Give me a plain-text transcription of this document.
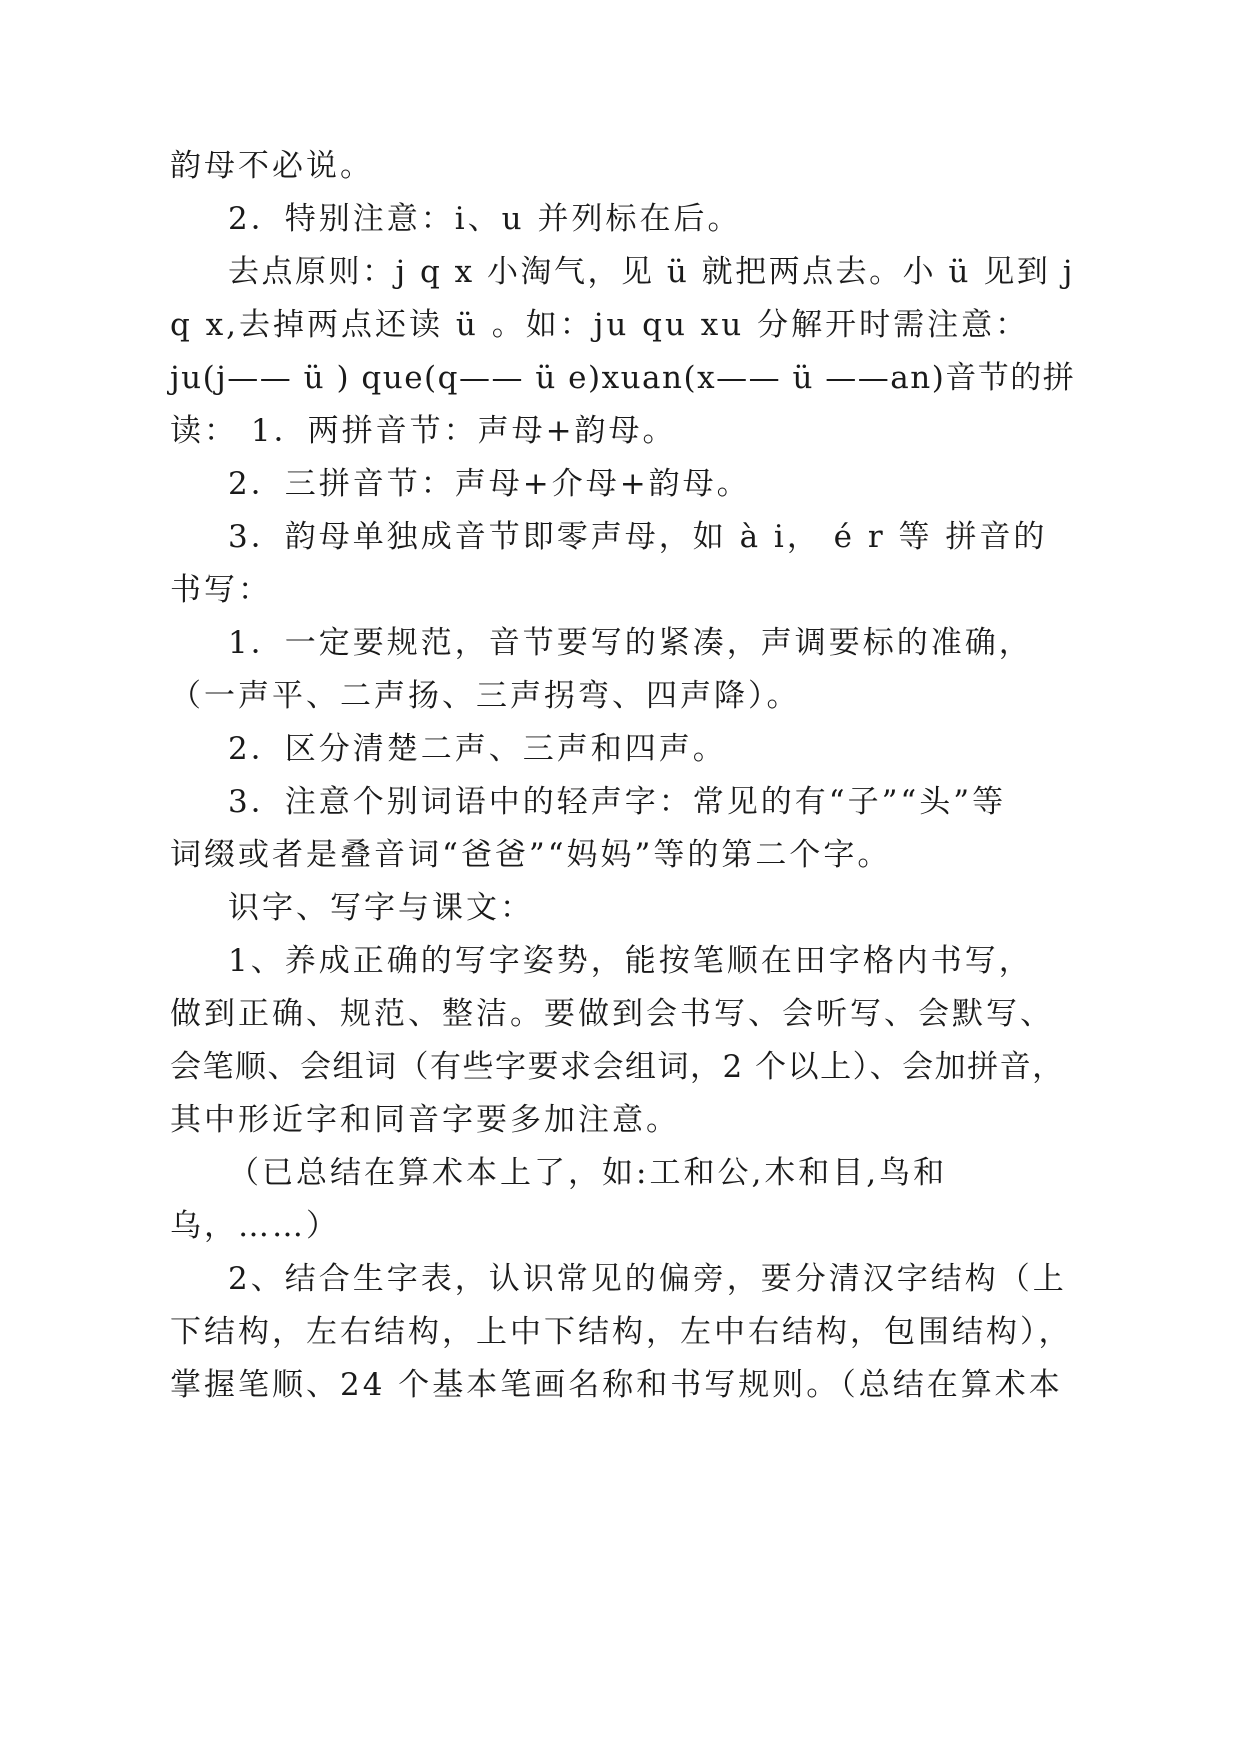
韵母不必说。
2．特别注意：i、u 并列标在后。
去点原则：j q x 小淘气，见 ü 就把两点去。小 ü 见到 j
q x,去掉两点还读 ü 。如：ju qu xu 分解开时需注意：
ju(j—— ü ) que(q—— ü e)xuan(x—— ü ——an)音节的拼
读： 1．两拼音节：声母+韵母。
2．三拼音节：声母+介母+韵母。
3．韵母单独成音节即零声母，如 à i， é r 等 拼音的
书写：
1．一定要规范，音节要写的紧凑，声调要标的准确，
（一声平、二声扬、三声拐弯、四声降）。
2．区分清楚二声、三声和四声。
3．注意个别词语中的轻声字：常见的有“子”“头”等
词缀或者是叠音词“爸爸”“妈妈”等的第二个字。
识字、写字与课文：
1、养成正确的写字姿势，能按笔顺在田字格内书写，
做到正确、规范、整洁。要做到会书写、会听写、会默写、
会笔顺、会组词（有些字要求会组词，2 个以上）、会加拼音，
其中形近字和同音字要多加注意。
（已总结在算术本上了，如:工和公,木和目,鸟和
乌，……）
2、结合生字表，认识常见的偏旁，要分清汉字结构（上
下结构，左右结构，上中下结构，左中右结构，包围结构），
掌握笔顺、24 个基本笔画名称和书写规则。（总结在算术本
